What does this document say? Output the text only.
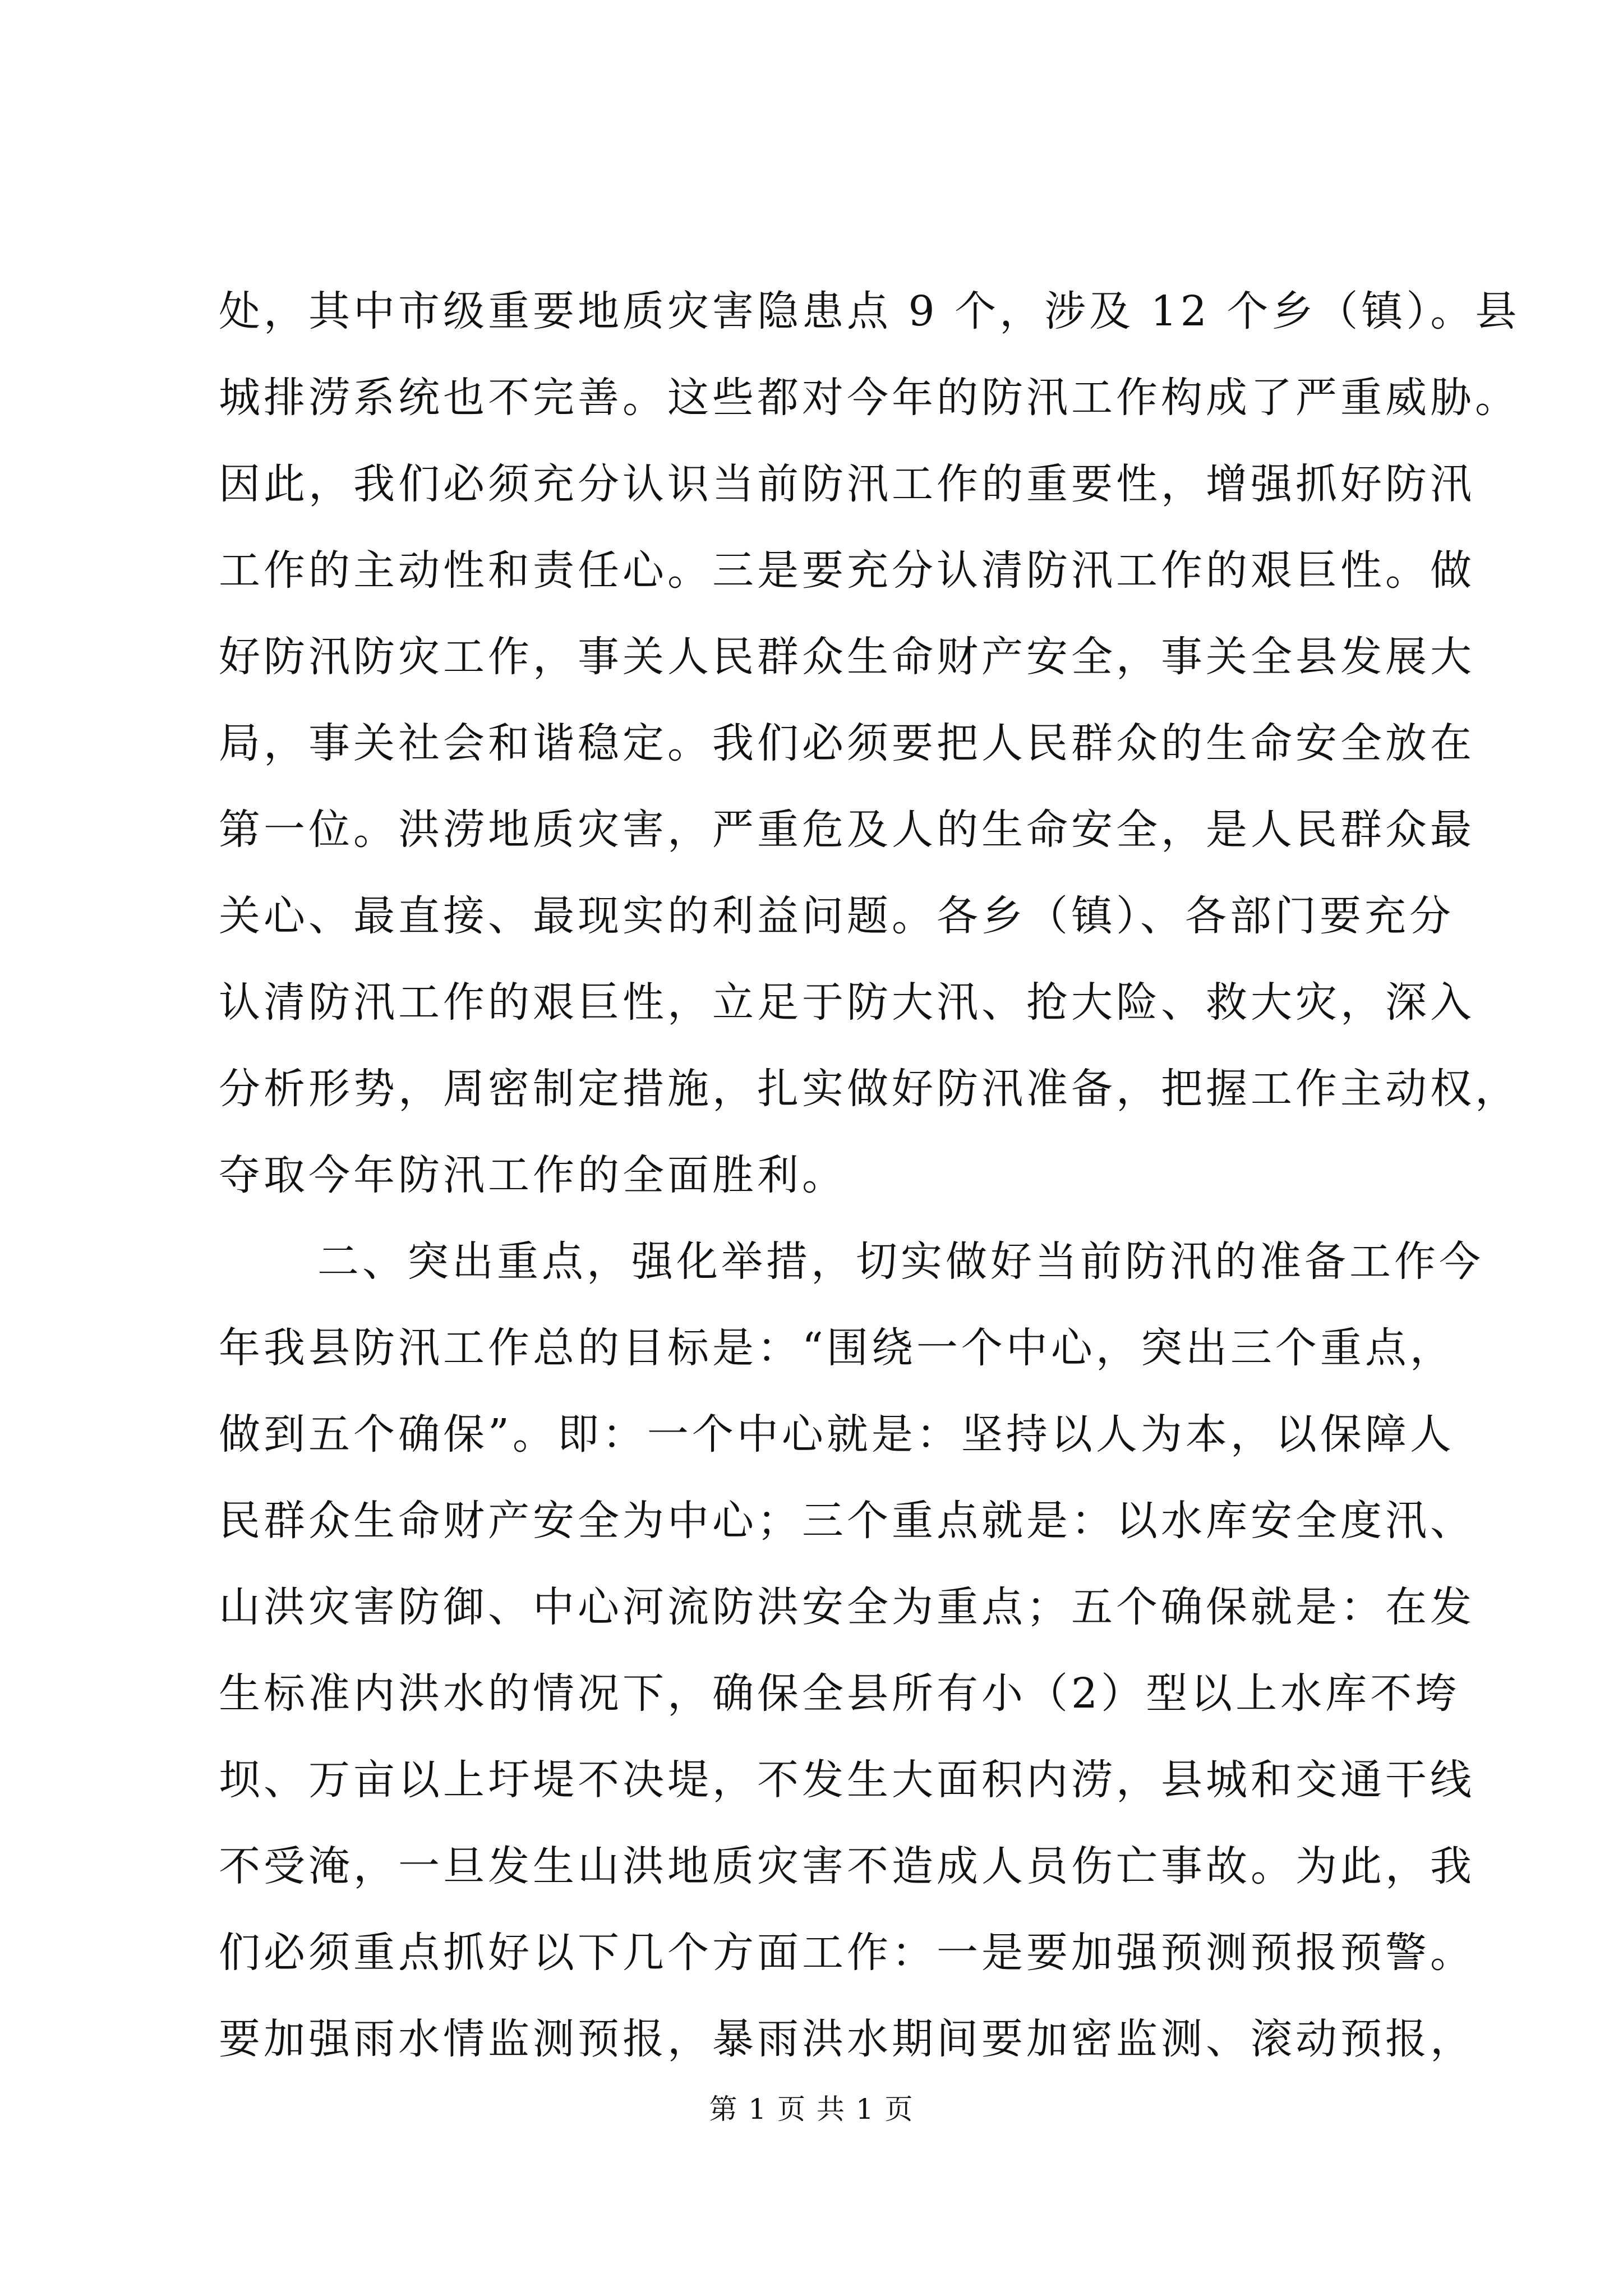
处，其中市级重要地质灾害隐患点 9 个，涉及 12 个乡（镇）。县
城排涝系统也不完善。这些都对今年的防汛工作构成了严重威胁。
因此，我们必须充分认识当前防汛工作的重要性，增强抓好防汛
工作的主动性和责任心。三是要充分认清防汛工作的艰巨性。做
好防汛防灾工作，事关人民群众生命财产安全，事关全县发展大
局，事关社会和谐稳定。我们必须要把人民群众的生命安全放在
第一位。洪涝地质灾害，严重危及人的生命安全，是人民群众最
关心、最直接、最现实的利益问题。各乡（镇）、各部门要充分
认清防汛工作的艰巨性，立足于防大汛、抢大险、救大灾，深入
分析形势，周密制定措施，扎实做好防汛准备，把握工作主动权，
夺取今年防汛工作的全面胜利。
二、突出重点，强化举措，切实做好当前防汛的准备工作今
年我县防汛工作总的目标是：“围绕一个中心，突出三个重点，
做到五个确保”。即：一个中心就是：坚持以人为本，以保障人
民群众生命财产安全为中心；三个重点就是：以水库安全度汛、
山洪灾害防御、中心河流防洪安全为重点；五个确保就是：在发
生标准内洪水的情况下，确保全县所有小（2）型以上水库不垮
坝、万亩以上圩堤不决堤，不发生大面积内涝，县城和交通干线
不受淹，一旦发生山洪地质灾害不造成人员伤亡事故。为此，我
们必须重点抓好以下几个方面工作：一是要加强预测预报预警。
要加强雨水情监测预报，暴雨洪水期间要加密监测、滚动预报，
第 1 页 共 1 页
